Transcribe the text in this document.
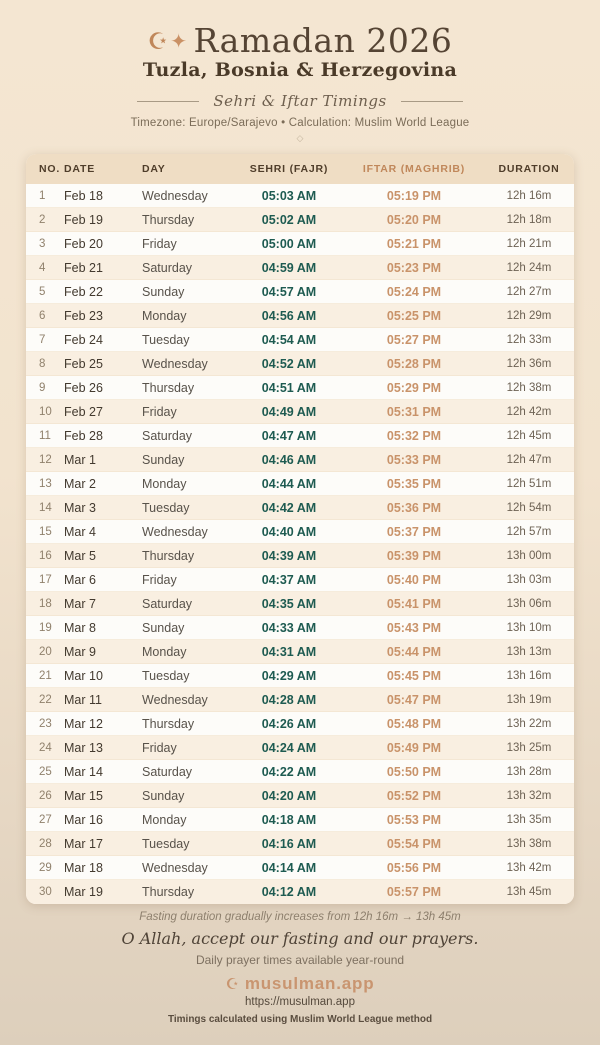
☪ ✦ Ramadan 2026
Tuzla, Bosnia & Herzegovina
Sehri & Iftar Timings
Timezone: Europe/Sarajevo • Calculation: Muslim World League
◇
NO. DATE	DAY	SEHRI (FAJR)	IFTAR (MAGHRIB)	DURATION
1	Feb 18	Wednesday	05:03 AM	05:19 PM	12h 16m
2	Feb 19	Thursday	05:02 AM	05:20 PM	12h 18m
3	Feb 20	Friday	05:00 AM	05:21 PM	12h 21m
4	Feb 21	Saturday	04:59 AM	05:23 PM	12h 24m
5	Feb 22	Sunday	04:57 AM	05:24 PM	12h 27m
6	Feb 23	Monday	04:56 AM	05:25 PM	12h 29m
7	Feb 24	Tuesday	04:54 AM	05:27 PM	12h 33m
8	Feb 25	Wednesday	04:52 AM	05:28 PM	12h 36m
9	Feb 26	Thursday	04:51 AM	05:29 PM	12h 38m
10 Feb 27	Friday	04:49 AM	05:31 PM	12h 42m
11	Feb 28	Saturday	04:47 AM	05:32 PM	12h 45m
12 Mar 1	Sunday	04:46 AM	05:33 PM	12h 47m
13 Mar 2	Monday	04:44 AM	05:35 PM	12h 51m
14 Mar 3	Tuesday	04:42 AM	05:36 PM	12h 54m
15 Mar 4	Wednesday	04:40 AM	05:37 PM	12h 57m
16 Mar 5	Thursday	04:39 AM	05:39 PM	13h 00m
17 Mar 6	Friday	04:37 AM	05:40 PM	13h 03m
18 Mar 7	Saturday	04:35 AM	05:41 PM	13h 06m
19 Mar 8	Sunday	04:33 AM	05:43 PM	13h 10m
20 Mar 9	Monday	04:31 AM	05:44 PM	13h 13m
21 Mar 10	Tuesday	04:29 AM	05:45 PM	13h 16m
22 Mar 11	Wednesday	04:28 AM	05:47 PM	13h 19m
23 Mar 12	Thursday	04:26 AM	05:48 PM	13h 22m
24 Mar 13	Friday	04:24 AM	05:49 PM	13h 25m
25 Mar 14	Saturday	04:22 AM	05:50 PM	13h 28m
26 Mar 15	Sunday	04:20 AM	05:52 PM	13h 32m
27 Mar 16	Monday	04:18 AM	05:53 PM	13h 35m
28 Mar 17	Tuesday	04:16 AM	05:54 PM	13h 38m
29 Mar 18	Wednesday	04:14 AM	05:56 PM	13h 42m
30 Mar 19	Thursday	04:12 AM	05:57 PM	13h 45m
Fasting duration gradually increases from 12h 16m → 13h 45m
O Allah, accept our fasting and our prayers.
Daily prayer times available year-round
☪ musulman.app
https://musulman.app
Timings calculated using Muslim World League method
